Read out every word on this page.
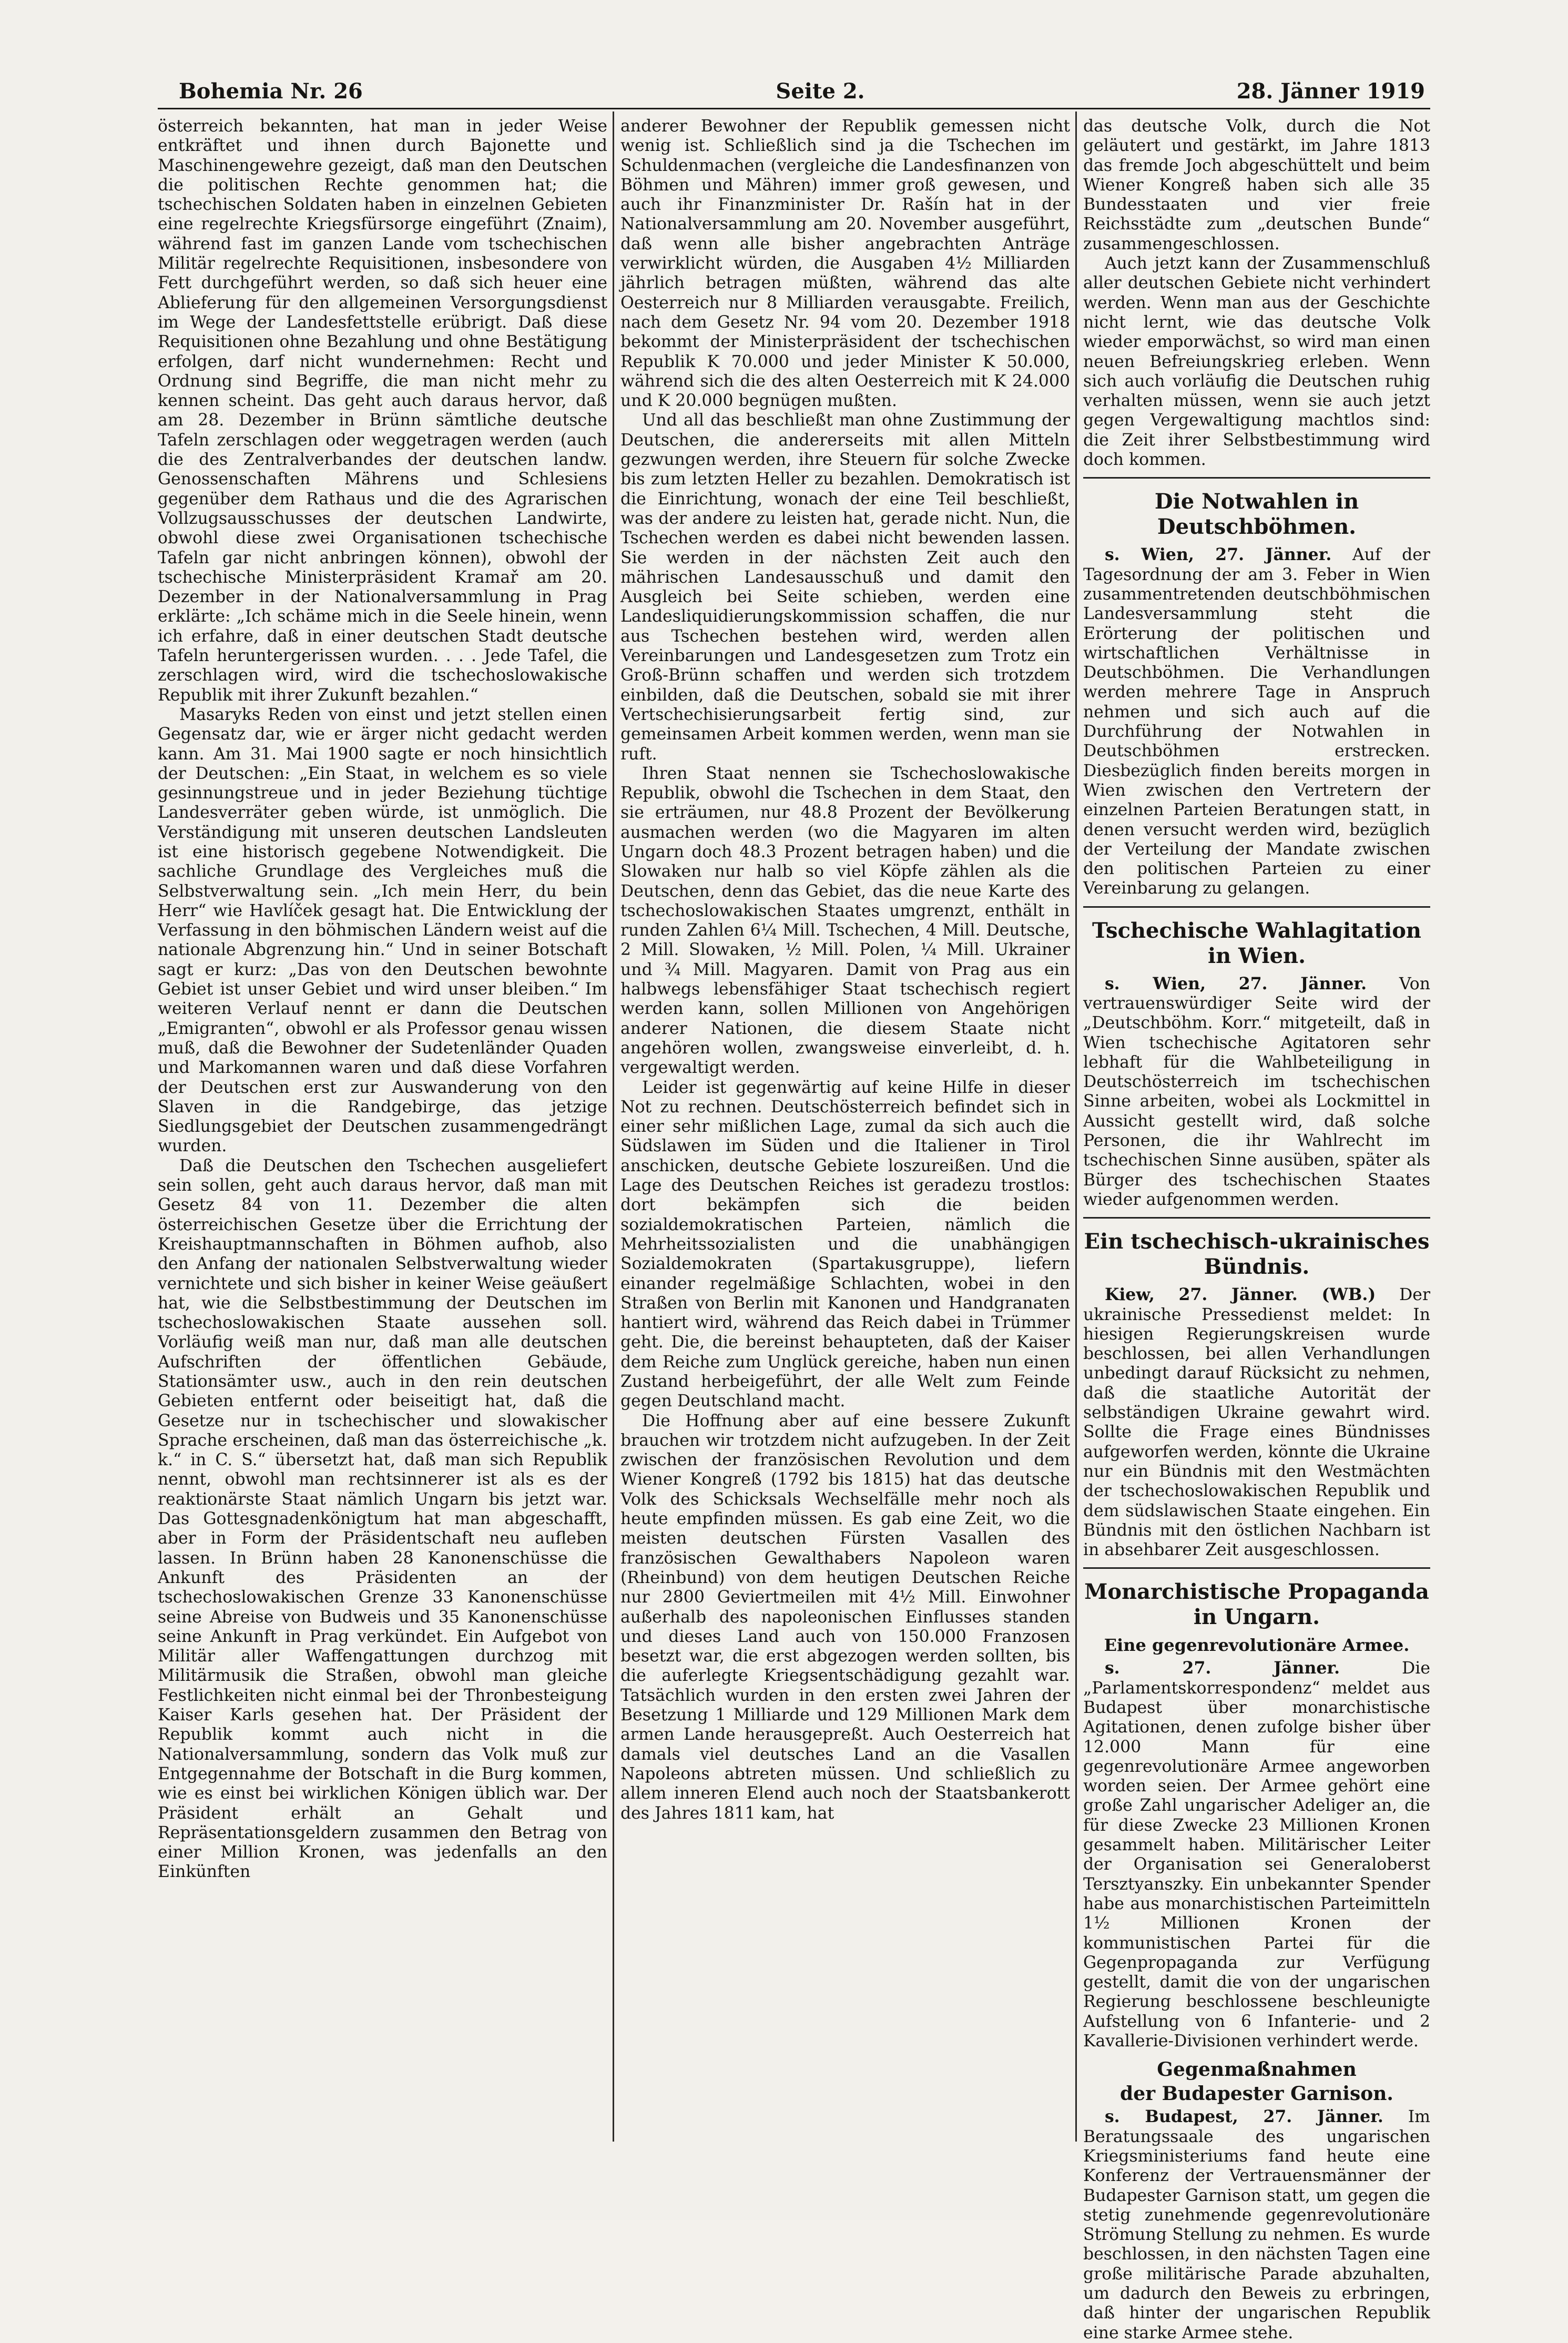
Bohemia Nr. 26	Seite 2.	28. Jänner 1919

österreich bekannten, hat man in jeder Weise entkräftet und ihnen durch Bajonette und Maschinengewehre gezeigt, daß man den Deutschen die politischen Rechte genommen hat; die tschechischen Soldaten haben in einzelnen Gebieten eine regelrechte Kriegsfürsorge eingeführt (Znaim), während fast im ganzen Lande vom tschechischen Militär regelrechte Requisitionen, insbesondere von Fett durchgeführt werden, so daß sich heuer eine Ablieferung für den allgemeinen Versorgungsdienst im Wege der Landesfettstelle erübrigt. Daß diese Requisitionen ohne Bezahlung und ohne Bestätigung erfolgen, darf nicht wundernehmen: Recht und Ordnung sind Begriffe, die man nicht mehr zu kennen scheint. Das geht auch daraus hervor, daß am 28. Dezember in Brünn sämtliche deutsche Tafeln zerschlagen oder weggetragen werden (auch die des Zentralverbandes der deutschen landw. Genossenschaften Mährens und Schlesiens gegenüber dem Rathaus und die des Agrarischen Vollzugsausschusses der deutschen Landwirte, obwohl diese zwei Organisationen tschechische Tafeln gar nicht anbringen können), obwohl der tschechische Ministerpräsident Kramař am 20. Dezember in der Nationalversammlung in Prag erklärte: „Ich schäme mich in die Seele hinein, wenn ich erfahre, daß in einer deutschen Stadt deutsche Tafeln heruntergerissen wurden. . . . Jede Tafel, die zerschlagen wird, wird die tschechoslowakische Republik mit ihrer Zukunft bezahlen.“

Masaryks Reden von einst und jetzt stellen einen Gegensatz dar, wie er ärger nicht gedacht werden kann. Am 31. Mai 1900 sagte er noch hinsichtlich der Deutschen: „Ein Staat, in welchem es so viele gesinnungstreue und in jeder Beziehung tüchtige Landesverräter geben würde, ist unmöglich. Die Verständigung mit unseren deutschen Landsleuten ist eine historisch gegebene Notwendigkeit. Die sachliche Grundlage des Vergleiches muß die Selbstverwaltung sein. „Ich mein Herr, du bein Herr“ wie Havlíček gesagt hat. Die Entwicklung der Verfassung in den böhmischen Ländern weist auf die nationale Abgrenzung hin.“ Und in seiner Botschaft sagt er kurz: „Das von den Deutschen bewohnte Gebiet ist unser Gebiet und wird unser bleiben.“ Im weiteren Verlauf nennt er dann die Deutschen „Emigranten“, obwohl er als Professor genau wissen muß, daß die Bewohner der Sudetenländer Quaden und Markomannen waren und daß diese Vorfahren der Deutschen erst zur Auswanderung von den Slaven in die Randgebirge, das jetzige Siedlungsgebiet der Deutschen zusammengedrängt wurden.

Daß die Deutschen den Tschechen ausgeliefert sein sollen, geht auch daraus hervor, daß man mit Gesetz 84 von 11. Dezember die alten österreichischen Gesetze über die Errichtung der Kreishauptmannschaften in Böhmen aufhob, also den Anfang der nationalen Selbstverwaltung wieder vernichtete und sich bisher in keiner Weise geäußert hat, wie die Selbstbestimmung der Deutschen im tschechoslowakischen Staate aussehen soll. Vorläufig weiß man nur, daß man alle deutschen Aufschriften der öffentlichen Gebäude, Stationsämter usw., auch in den rein deutschen Gebieten entfernt oder beiseitigt hat, daß die Gesetze nur in tschechischer und slowakischer Sprache erscheinen, daß man das österreichische „k. k.“ in C. S.“ übersetzt hat, daß man sich Republik nennt, obwohl man rechtsinnerer ist als es der reaktionärste Staat nämlich Ungarn bis jetzt war. Das Gottesgnadenkönigtum hat man abgeschafft, aber in Form der Präsidentschaft neu aufleben lassen. In Brünn haben 28 Kanonenschüsse die Ankunft des Präsidenten an der tschechoslowakischen Grenze 33 Kanonenschüsse seine Abreise von Budweis und 35 Kanonenschüsse seine Ankunft in Prag verkündet. Ein Aufgebot von Militär aller Waffengattungen durchzog mit Militärmusik die Straßen, obwohl man gleiche Festlichkeiten nicht einmal bei der Thronbesteigung Kaiser Karls gesehen hat. Der Präsident der Republik kommt auch nicht in die Nationalversammlung, sondern das Volk muß zur Entgegennahme der Botschaft in die Burg kommen, wie es einst bei wirklichen Königen üblich war. Der Präsident erhält an Gehalt und Repräsentationsgeldern zusammen den Betrag von einer Million Kronen, was jedenfalls an den Einkünften

anderer Bewohner der Republik gemessen nicht wenig ist. Schließlich sind ja die Tschechen im Schuldenmachen (vergleiche die Landesfinanzen von Böhmen und Mähren) immer groß gewesen, und auch ihr Finanzminister Dr. Rašín hat in der Nationalversammlung am 20. November ausgeführt, daß wenn alle bisher angebrachten Anträge verwirklicht würden, die Ausgaben 4½ Milliarden jährlich betragen müßten, während das alte Oesterreich nur 8 Milliarden verausgabte. Freilich, nach dem Gesetz Nr. 94 vom 20. Dezember 1918 bekommt der Ministerpräsident der tschechischen Republik K 70.000 und jeder Minister K 50.000, während sich die des alten Oesterreich mit K 24.000 und K 20.000 begnügen mußten.

Und all das beschließt man ohne Zustimmung der Deutschen, die andererseits mit allen Mitteln gezwungen werden, ihre Steuern für solche Zwecke bis zum letzten Heller zu bezahlen. Demokratisch ist die Einrichtung, wonach der eine Teil beschließt, was der andere zu leisten hat, gerade nicht. Nun, die Tschechen werden es dabei nicht bewenden lassen. Sie werden in der nächsten Zeit auch den mährischen Landesausschuß und damit den Ausgleich bei Seite schieben, werden eine Landesliquidierungskommission schaffen, die nur aus Tschechen bestehen wird, werden allen Vereinbarungen und Landesgesetzen zum Trotz ein Groß-Brünn schaffen und werden sich trotzdem einbilden, daß die Deutschen, sobald sie mit ihrer Vertschechisierungsarbeit fertig sind, zur gemeinsamen Arbeit kommen werden, wenn man sie ruft.

Ihren Staat nennen sie Tschechoslowakische Republik, obwohl die Tschechen in dem Staat, den sie erträumen, nur 48.8 Prozent der Bevölkerung ausmachen werden (wo die Magyaren im alten Ungarn doch 48.3 Prozent betragen haben) und die Slowaken nur halb so viel Köpfe zählen als die Deutschen, denn das Gebiet, das die neue Karte des tschechoslowakischen Staates umgrenzt, enthält in runden Zahlen 6¼ Mill. Tschechen, 4 Mill. Deutsche, 2 Mill. Slowaken, ½ Mill. Polen, ¼ Mill. Ukrainer und ¾ Mill. Magyaren. Damit von Prag aus ein halbwegs lebensfähiger Staat tschechisch regiert werden kann, sollen Millionen von Angehörigen anderer Nationen, die diesem Staate nicht angehören wollen, zwangsweise einverleibt, d. h. vergewaltigt werden.

Leider ist gegenwärtig auf keine Hilfe in dieser Not zu rechnen. Deutschösterreich befindet sich in einer sehr mißlichen Lage, zumal da sich auch die Südslawen im Süden und die Italiener in Tirol anschicken, deutsche Gebiete loszureißen. Und die Lage des Deutschen Reiches ist geradezu trostlos: dort bekämpfen sich die beiden sozialdemokratischen Parteien, nämlich die Mehrheitssozialisten und die unabhängigen Sozialdemokraten (Spartakusgruppe), liefern einander regelmäßige Schlachten, wobei in den Straßen von Berlin mit Kanonen und Handgranaten hantiert wird, während das Reich dabei in Trümmer geht. Die, die bereinst behaupteten, daß der Kaiser dem Reiche zum Unglück gereiche, haben nun einen Zustand herbeigeführt, der alle Welt zum Feinde gegen Deutschland macht.

Die Hoffnung aber auf eine bessere Zukunft brauchen wir trotzdem nicht aufzugeben. In der Zeit zwischen der französischen Revolution und dem Wiener Kongreß (1792 bis 1815) hat das deutsche Volk des Schicksals Wechselfälle mehr noch als heute empfinden müssen. Es gab eine Zeit, wo die meisten deutschen Fürsten Vasallen des französischen Gewalthabers Napoleon waren (Rheinbund) von dem heutigen Deutschen Reiche nur 2800 Geviertmeilen mit 4½ Mill. Einwohner außerhalb des napoleonischen Einflusses standen und dieses Land auch von 150.000 Franzosen besetzt war, die erst abgezogen werden sollten, bis die auferlegte Kriegsentschädigung gezahlt war. Tatsächlich wurden in den ersten zwei Jahren der Besetzung 1 Milliarde und 129 Millionen Mark dem armen Lande herausgepreßt. Auch Oesterreich hat damals viel deutsches Land an die Vasallen Napoleons abtreten müssen. Und schließlich zu allem inneren Elend auch noch der Staatsbankerott des Jahres 1811 kam, hat

das deutsche Volk, durch die Not geläutert und gestärkt, im Jahre 1813 das fremde Joch abgeschüttelt und beim Wiener Kongreß haben sich alle 35 Bundesstaaten und vier freie Reichsstädte zum „deutschen Bunde“ zusammengeschlossen.

Auch jetzt kann der Zusammenschluß aller deutschen Gebiete nicht verhindert werden. Wenn man aus der Geschichte nicht lernt, wie das deutsche Volk wieder emporwächst, so wird man einen neuen Befreiungskrieg erleben. Wenn sich auch vorläufig die Deutschen ruhig verhalten müssen, wenn sie auch jetzt gegen Vergewaltigung machtlos sind: die Zeit ihrer Selbstbestimmung wird doch kommen.

Die Notwahlen in Deutschböhmen.

s. Wien, 27. Jänner. Auf der Tagesordnung der am 3. Feber in Wien zusammentretenden deutschböhmischen Landesversammlung steht die Erörterung der politischen und wirtschaftlichen Verhältnisse in Deutschböhmen. Die Verhandlungen werden mehrere Tage in Anspruch nehmen und sich auch auf die Durchführung der Notwahlen in Deutschböhmen erstrecken. Diesbezüglich finden bereits morgen in Wien zwischen den Vertretern der einzelnen Parteien Beratungen statt, in denen versucht werden wird, bezüglich der Verteilung der Mandate zwischen den politischen Parteien zu einer Vereinbarung zu gelangen.

Tschechische Wahlagitation in Wien.

s. Wien, 27. Jänner. Von vertrauenswürdiger Seite wird der „Deutschböhm. Korr.“ mitgeteilt, daß in Wien tschechische Agitatoren sehr lebhaft für die Wahlbeteiligung in Deutschösterreich im tschechischen Sinne arbeiten, wobei als Lockmittel in Aussicht gestellt wird, daß solche Personen, die ihr Wahlrecht im tschechischen Sinne ausüben, später als Bürger des tschechischen Staates wieder aufgenommen werden.

Ein tschechisch-ukrainisches Bündnis.

Kiew, 27. Jänner. (WB.) Der ukrainische Pressedienst meldet: In hiesigen Regierungskreisen wurde beschlossen, bei allen Verhandlungen unbedingt darauf Rücksicht zu nehmen, daß die staatliche Autorität der selbständigen Ukraine gewahrt wird. Sollte die Frage eines Bündnisses aufgeworfen werden, könnte die Ukraine nur ein Bündnis mit den Westmächten der tschechoslowakischen Republik und dem südslawischen Staate eingehen. Ein Bündnis mit den östlichen Nachbarn ist in absehbarer Zeit ausgeschlossen.

Monarchistische Propaganda in Ungarn.
Eine gegenrevolutionäre Armee.

s. 27. Jänner. Die „Parlamentskorrespondenz“ meldet aus Budapest über monarchistische Agitationen, denen zufolge bisher über 12.000 Mann für eine gegenrevolutionäre Armee angeworben worden seien. Der Armee gehört eine große Zahl ungarischer Adeliger an, die für diese Zwecke 23 Millionen Kronen gesammelt haben. Militärischer Leiter der Organisation sei Generaloberst Tersztyanszky. Ein unbekannter Spender habe aus monarchistischen Parteimitteln 1½ Millionen Kronen der kommunistischen Partei für die Gegenpropaganda zur Verfügung gestellt, damit die von der ungarischen Regierung beschlossene beschleunigte Aufstellung von 6 Infanterie- und 2 Kavallerie-Divisionen verhindert werde.

Gegenmaßnahmen
der Budapester Garnison.

s. Budapest, 27. Jänner. Im Beratungssaale des ungarischen Kriegsministeriums fand heute eine Konferenz der Vertrauensmänner der Budapester Garnison statt, um gegen die stetig zunehmende gegenrevolutionäre Strömung Stellung zu nehmen. Es wurde beschlossen, in den nächsten Tagen eine große militärische Parade abzuhalten, um dadurch den Beweis zu erbringen, daß hinter der ungarischen Republik eine starke Armee stehe.
